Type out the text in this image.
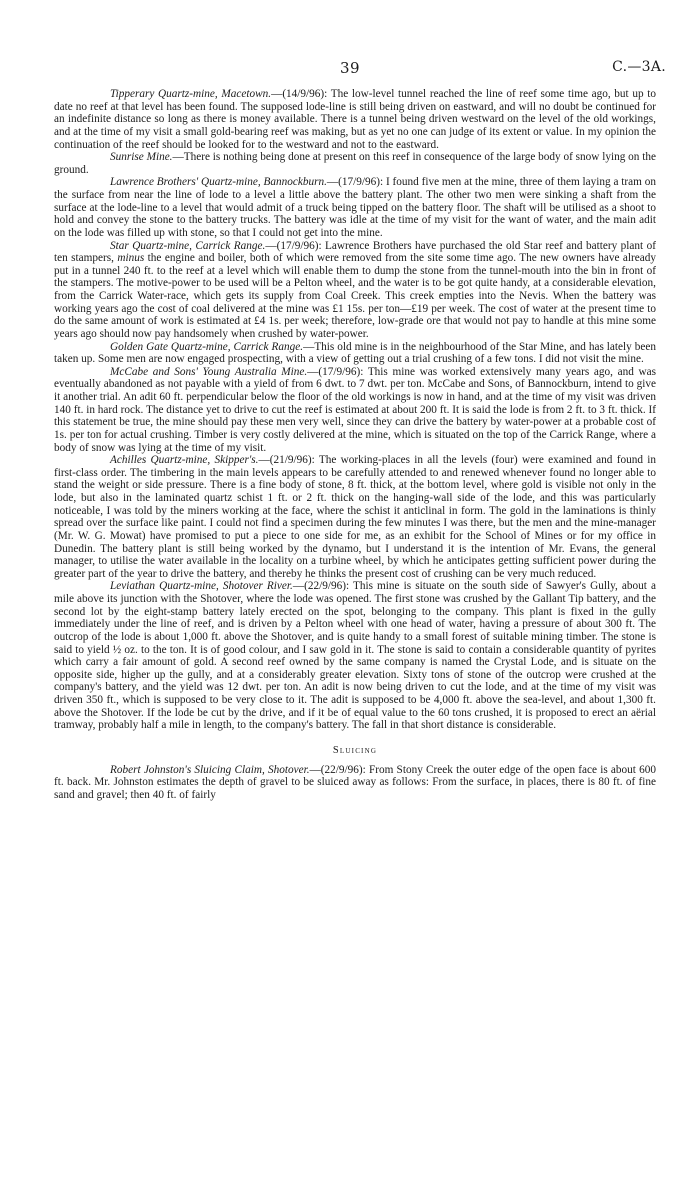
39	C.—3A.

Tipperary Quartz-mine, Macetown.—(14/9/96): The low-level tunnel reached the line of reef some time ago, but up to date no reef at that level has been found. The supposed lode-line is still being driven on eastward, and will no doubt be continued for an indefinite distance so long as there is money available. There is a tunnel being driven westward on the level of the old workings, and at the time of my visit a small gold-bearing reef was making, but as yet no one can judge of its extent or value. In my opinion the continuation of the reef should be looked for to the westward and not to the eastward.

Sunrise Mine.—There is nothing being done at present on this reef in consequence of the large body of snow lying on the ground.

Lawrence Brothers' Quartz-mine, Bannockburn.—(17/9/96): I found five men at the mine, three of them laying a tram on the surface from near the line of lode to a level a little above the battery plant. The other two men were sinking a shaft from the surface at the lode-line to a level that would admit of a truck being tipped on the battery floor. The shaft will be utilised as a shoot to hold and convey the stone to the battery trucks. The battery was idle at the time of my visit for the want of water, and the main adit on the lode was filled up with stone, so that I could not get into the mine.

Star Quartz-mine, Carrick Range.—(17/9/96): Lawrence Brothers have purchased the old Star reef and battery plant of ten stampers, minus the engine and boiler, both of which were removed from the site some time ago. The new owners have already put in a tunnel 240 ft. to the reef at a level which will enable them to dump the stone from the tunnel-mouth into the bin in front of the stampers. The motive-power to be used will be a Pelton wheel, and the water is to be got quite handy, at a considerable elevation, from the Carrick Water-race, which gets its supply from Coal Creek. This creek empties into the Nevis. When the battery was working years ago the cost of coal delivered at the mine was £1 15s. per ton—£19 per week. The cost of water at the present time to do the same amount of work is estimated at £4 1s. per week; therefore, low-grade ore that would not pay to handle at this mine some years ago should now pay handsomely when crushed by water-power.

Golden Gate Quartz-mine, Carrick Range.—This old mine is in the neighbourhood of the Star Mine, and has lately been taken up. Some men are now engaged prospecting, with a view of getting out a trial crushing of a few tons. I did not visit the mine.

McCabe and Sons' Young Australia Mine.—(17/9/96): This mine was worked extensively many years ago, and was eventually abandoned as not payable with a yield of from 6 dwt. to 7 dwt. per ton. McCabe and Sons, of Bannockburn, intend to give it another trial. An adit 60 ft. perpendicular below the floor of the old workings is now in hand, and at the time of my visit was driven 140 ft. in hard rock. The distance yet to drive to cut the reef is estimated at about 200 ft. It is said the lode is from 2 ft. to 3 ft. thick. If this statement be true, the mine should pay these men very well, since they can drive the battery by water-power at a probable cost of 1s. per ton for actual crushing. Timber is very costly delivered at the mine, which is situated on the top of the Carrick Range, where a body of snow was lying at the time of my visit.

Achilles Quartz-mine, Skipper's.—(21/9/96): The working-places in all the levels (four) were examined and found in first-class order. The timbering in the main levels appears to be carefully attended to and renewed whenever found no longer able to stand the weight or side pressure. There is a fine body of stone, 8 ft. thick, at the bottom level, where gold is visible not only in the lode, but also in the laminated quartz schist 1 ft. or 2 ft. thick on the hanging-wall side of the lode, and this was particularly noticeable, I was told by the miners working at the face, where the schist it anticlinal in form. The gold in the laminations is thinly spread over the surface like paint. I could not find a specimen during the few minutes I was there, but the men and the mine-manager (Mr. W. G. Mowat) have promised to put a piece to one side for me, as an exhibit for the School of Mines or for my office in Dunedin. The battery plant is still being worked by the dynamo, but I understand it is the intention of Mr. Evans, the general manager, to utilise the water available in the locality on a turbine wheel, by which he anticipates getting sufficient power during the greater part of the year to drive the battery, and thereby he thinks the present cost of crushing can be very much reduced.

Leviathan Quartz-mine, Shotover River.—(22/9/96): This mine is situate on the south side of Sawyer's Gully, about a mile above its junction with the Shotover, where the lode was opened. The first stone was crushed by the Gallant Tip battery, and the second lot by the eight-stamp battery lately erected on the spot, belonging to the company. This plant is fixed in the gully immediately under the line of reef, and is driven by a Pelton wheel with one head of water, having a pressure of about 300 ft. The outcrop of the lode is about 1,000 ft. above the Shotover, and is quite handy to a small forest of suitable mining timber. The stone is said to yield ½ oz. to the ton. It is of good colour, and I saw gold in it. The stone is said to contain a considerable quantity of pyrites which carry a fair amount of gold. A second reef owned by the same company is named the Crystal Lode, and is situate on the opposite side, higher up the gully, and at a considerably greater elevation. Sixty tons of stone of the outcrop were crushed at the company's battery, and the yield was 12 dwt. per ton. An adit is now being driven to cut the lode, and at the time of my visit was driven 350 ft., which is supposed to be very close to it. The adit is supposed to be 4,000 ft. above the sea-level, and about 1,300 ft. above the Shotover. If the lode be cut by the drive, and if it be of equal value to the 60 tons crushed, it is proposed to erect an aërial tramway, probably half a mile in length, to the company's battery. The fall in that short distance is considerable.

Sluicing

Robert Johnston's Sluicing Claim, Shotover.—(22/9/96): From Stony Creek the outer edge of the open face is about 600 ft. back. Mr. Johnston estimates the depth of gravel to be sluiced away as follows: From the surface, in places, there is 80 ft. of fine sand and gravel; then 40 ft. of fairly
